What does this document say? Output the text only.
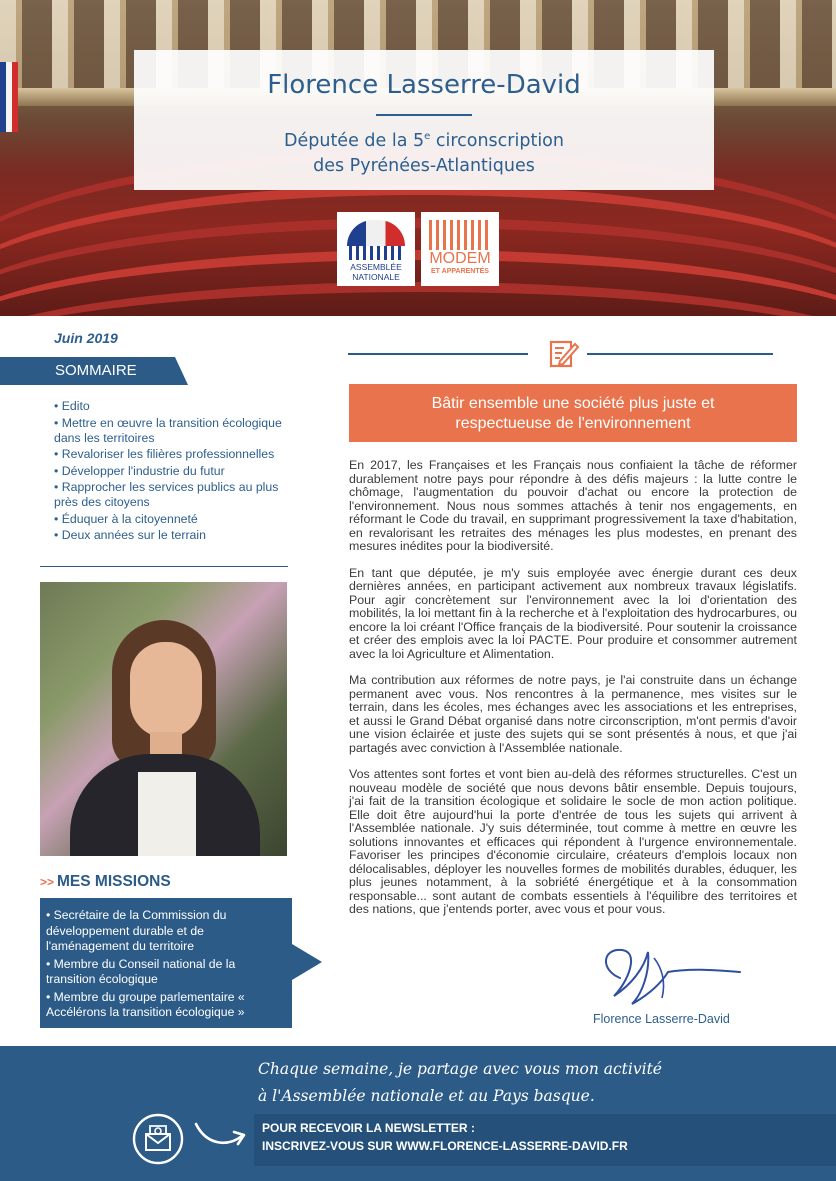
Florence Lasserre-David
Députée de la 5e circonscription
des Pyrénées-Atlantiques
ASSEMBLÉE
NATIONALE
MODEM
ET APPARENTÉS
Juin 2019
SOMMAIRE
• Edito
• Mettre en œuvre la transition écologique dans les territoires
• Revaloriser les filières professionnelles
• Développer l'industrie du futur
• Rapprocher les services publics au plus près des citoyens
• Éduquer à la citoyenneté
• Deux années sur le terrain
>> MES MISSIONS
• Secrétaire de la Commission du développement durable et de l'aménagement du territoire
• Membre du Conseil national de la transition écologique
• Membre du groupe parlementaire « Accélérons la transition écologique »
Bâtir ensemble une société plus juste et
respectueuse de l'environnement

En 2017, les Françaises et les Français nous confiaient la tâche de réformer durablement notre pays pour répondre à des défis majeurs : la lutte contre le chômage, l'augmentation du pouvoir d'achat ou encore la protection de l'environnement. Nous nous sommes attachés à tenir nos engagements, en réformant le Code du travail, en supprimant progressivement la taxe d'habitation, en revalorisant les retraites des ménages les plus modestes, en prenant des mesures inédites pour la biodiversité.

En tant que députée, je m'y suis employée avec énergie durant ces deux dernières années, en participant activement aux nombreux travaux législatifs. Pour agir concrètement sur l'environnement avec la loi d'orientation des mobilités, la loi mettant fin à la recherche et à l'exploitation des hydrocarbures, ou encore la loi créant l'Office français de la biodiversité. Pour soutenir la croissance et créer des emplois avec la loi PACTE. Pour produire et consommer autrement avec la loi Agriculture et Alimentation.

Ma contribution aux réformes de notre pays, je l'ai construite dans un échange permanent avec vous. Nos rencontres à la permanence, mes visites sur le terrain, dans les écoles, mes échanges avec les associations et les entreprises, et aussi le Grand Débat organisé dans notre circonscription, m'ont permis d'avoir une vision éclairée et juste des sujets qui se sont présentés à nous, et que j'ai partagés avec conviction à l'Assemblée nationale.

Vos attentes sont fortes et vont bien au-delà des réformes structurelles. C'est un nouveau modèle de société que nous devons bâtir ensemble. Depuis toujours, j'ai fait de la transition écologique et solidaire le socle de mon action politique. Elle doit être aujourd'hui la porte d'entrée de tous les sujets qui arrivent à l'Assemblée nationale. J'y suis déterminée, tout comme à mettre en œuvre les solutions innovantes et efficaces qui répondent à l'urgence environnementale. Favoriser les principes d'économie circulaire, créateurs d'emplois locaux non délocalisables, déployer les nouvelles formes de mobilités durables, éduquer, les plus jeunes notamment, à la sobriété énergétique et à la consommation responsable... sont autant de combats essentiels à l'équilibre des territoires et des nations, que j'entends porter, avec vous et pour vous.

Florence Lasserre-David
Chaque semaine, je partage avec vous mon activité
à l'Assemblée nationale et au Pays basque.
POUR RECEVOIR LA NEWSLETTER :
INSCRIVEZ-VOUS SUR WWW.FLORENCE-LASSERRE-DAVID.FR
